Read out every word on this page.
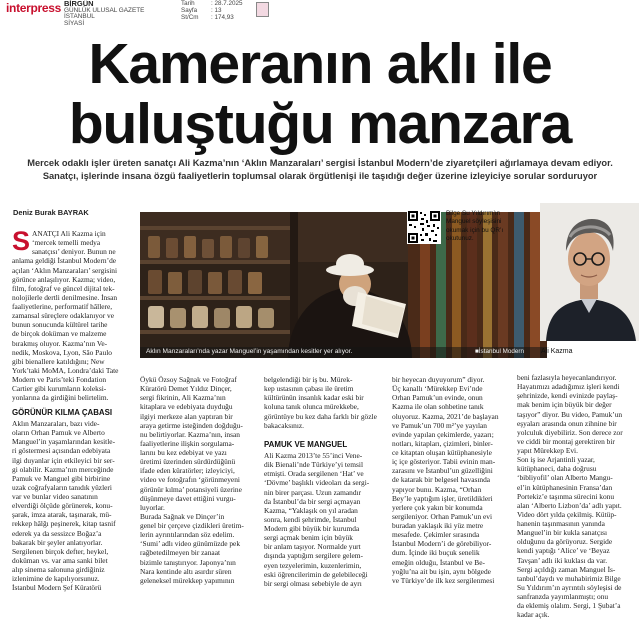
interpress BİRGÜN
GÜNLÜK ULUSAL GAZETE
İSTANBUL
SİYASİ
Tarih	: 28.7.2025
Sayfa : 13
St/Cm : 174,93
Kameranın aklı ile
buluştuğu manzara
Mercek odaklı işler üreten sanatçı Ali Kazma’nın ‘Aklın Manzaraları’ sergisi İstanbul Modern’de ziyaretçileri ağırlamaya devam ediyor.
Sanatçı, işlerinde insana özgü faaliyetlerin toplumsal olarak örgütlenişi ile taşıdığı değer üzerine izleyiciye sorular sorduruyor
Deniz Burak BAYRAK
Aklın Manzaraları’nda yazar Manguel’in yaşamından kesitler yer alıyor.	■İstanbul Modern
Bilge Su Yıldırım’ın
Manguel söyleşisini
okumak için bu QR’ı
okutunuz.
Ali Kazma
S ANATÇI Ali Kazma için
‘mercek temelli medya
sanatçısı’ deniyor. Bunun ne
anlama geldiği İstanbul Modern’de
açılan ‘Aklın Manzaraları’ sergisini
görünce anlaşılıyor. Kazma; video,
film, fotoğraf ve güncel dijital tek-
nolojilerle dertli denilmesine. İnsan
faaliyetlerine, performatif hâllere,
zamansal süreçlere odaklanıyor ve
bunun sonucunda kültürel tarihe
de birçok doküman ve malzeme
bırakmış oluyor. Kazma’nın Ve-
nedik, Moskova, Lyon, São Paulo
gibi bienallere katıldığını; New
York’taki MoMA, Londra’daki Tate
Modern ve Paris’teki Fondation
Cartier gibi kurumların koleksi-
yonlarına da girdiğini belirtelim.
GÖRÜNÜR KILMA ÇABASI
Aklın Manzaraları, bazı vide-
oların Orhan Pamuk ve Alberto
Manguel’in yaşamlarından kesitle-
ri göstermesi açısından edebiyata
ilgi duyanlar için etkileyici bir ser-
gi olabilir. Kazma’nın merceğinde
Pamuk ve Manguel gibi birbirine
uzak coğrafyaların tanıdık yüzleri
var ve bunlar video sanatının
elverdiği ölçüde görünerek, konu-
şarak, imza atarak, taşınarak, mü-
rekkep hâlğı peşinerek, kitap tasnif
ederek ya da sessizce Boğaz’a
bakarak bir şeyler anlatıyorlar.
Sergilenen birçok defter, heykel,
doküman vs. var ama sanki bilet
alıp sinema salonuna girdiğiniz
izlenimine de kapılıyorsunuz.
İstanbul Modern Şef Küratörü
Öykü Özsoy Sağnak ve Fotoğraf
Küratörü Demet Yıldız Dinçer,
sergi fikrinin, Ali Kazma’nın
kitaplara ve edebiyata duyduğu
ilgiyi merkeze alan yaptıran bir
araya getirme isteğinden doğduğu-
nu belirtiyorlar. Kazma’nın, insan
faaliyetlerine ilişkin sorgulama-
larını bu kez edebiyat ve yazı
üretimi üzerinden sürdürdüğünü
ifade eden küratörler; izleyiciyi,
video ve fotoğrafın ‘görünmeyeni
görünür kılma’ potansiyeli üzerine
düşünmeye davet ettiğini vurgu-
luyorlar.
Burada Sağnak ve Dinçer’in
genel bir çerçeve çizdikleri üretim-
lerin ayrıntılarından söz edelim.
‘Sumi’ adlı video günümüzde pek
rağbetedilmeyen bir zanaat
bizimle tanıştırıyor. Japonya’nın
Nara kentinde altı asırdır süren
geleneksel mürekkep yapımının
belgelendiği bir iş bu. Mürek-
kep ustasının çabası ile üretim
kültürünün insanlık kadar eski bir
koluna tanık olunca mürekkebe,
görüntüye bu kez daha farklı bir gözle
bakacaksınız.
PAMUK VE MANGUEL
Ali Kazma 2013’te 55’inci Vene-
dik Bienali’nde Türkiye’yi temsil
etmişti. Orada sergilenen ‘Hat’ ve
‘Dövme’ başlıklı videoları da sergi-
nin birer parçası. Uzun zamandır
da İstanbul’da bir sergi açmayan
Kazma, “Yaklaşık on yıl aradan
sonra, kendi şehrimde, İstanbul
Modern gibi büyük bir kurumda
sergi açmak benim için büyük
bir anlam taşıyor. Normalde yurt
dışında yaptığım sergilere gelem-
eyen tezyelerimin, kuzenlerimin,
eski öğrencilerimin de gelebileceği
bir sergi olması sebebiyle de ayrı
bir heyecan duyuyorum” diyor.
Üç kanallı ‘Mürekkep Evi’nde
Orhan Pamuk’un evinde, onun
Kazma ile olan sohbetine tanık
oluyoruz. Kazma, 2021’de başlayan
ve Pamuk’un 700 m²’ye yayılan
evinde yapılan çekimlerde, yazarı;
notları, kitapları, çizimleri, binler-
ce kitaptan oluşan kütüphanesiyle
iç içe gösteriyor. Tabii evinin man-
zarasını ve İstanbul’un güzelliğini
de katarak bir belgesel havasında
yapıyor bunu. Kazma, “Orhan
Bey’le yaptığım işler, üretildikleri
yerlere çok yakın bir konumda
sergileniyor. Orhan Pamuk’un evi
buradan yaklaşık iki yüz metre
mesafede. Çekimler sırasında
İstanbul Modern’i de görebiliyor-
dum. İçinde iki buçuk senelik
emeğin olduğu, İstanbul ve Be-
yoğlu’na ait bu işin, aynı bölgede
ve Türkiye’de ilk kez sergilenmesi
beni fazlasıyla heyecanlandırıyor.
Hayatımızı adadığımız işleri kendi
şehrinizde, kendi evinizde paylaş-
mak benim için büyük bir değer
taşıyor” diyor. Bu video, Pamuk’un
eşyaları arasında onun zihnine bir
yolculuk diyebiliriz. Son derece zor
ve ciddi bir montaj gerektiren bir
yapıt Mürekkep Evi.
Son iş ise Arjantinli yazar,
kütüphaneci, daha doğrusu
‘bibliyofil’ olan Alberto Mangu-
el’in kütüphanesinin Fransa’dan
Portekiz’e taşınma sürecini konu
alan ‘Alberto Lizbon’da’ adlı yapıt.
Video dört yılda çekilmiş. Kütüp-
hanenin taşınmasının yanında
Manguel’in bir kukla sanatçısı
olduğunu da görüyoruz. Sergide
kendi yaptığı ‘Alice’ ve ‘Beyaz
Tavşan’ adlı iki kuklası da var.
Sergi açıldığı zaman Manguel İs-
tanbul’daydı ve muhabirimiz Bilge
Su Yıldırım’ın ayrıntılı söyleşisi de
sanfranzda yayımlanmıştı; onu
da eklemiş olalım. Sergi, 1 Şubat’a
kadar açık.
